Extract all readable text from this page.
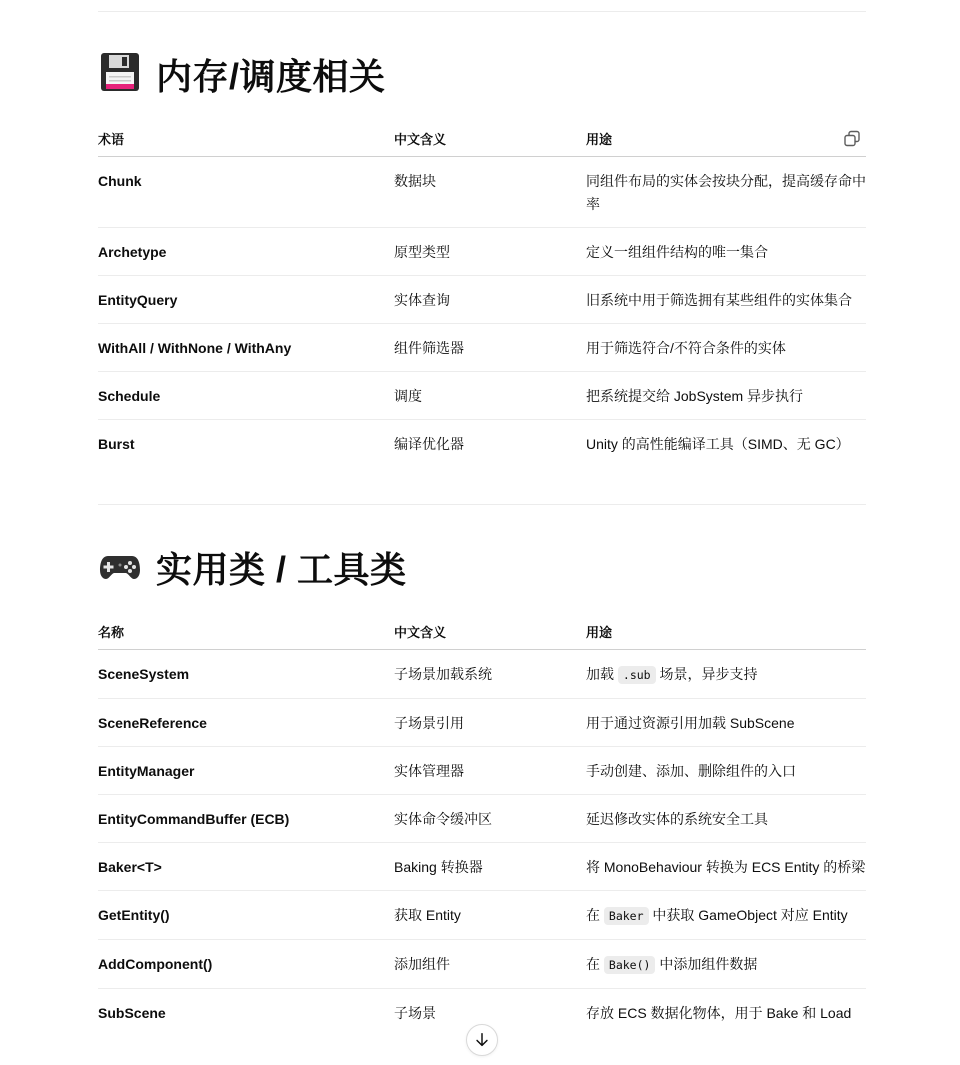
内存/调度相关
术语	中文含义	用途
Chunk	数据块	同组件布局的实体会按块分配，提高缓存命中率
Archetype	原型类型	定义一组组件结构的唯一集合
EntityQuery	实体查询	旧系统中用于筛选拥有某些组件的实体集合
WithAll / WithNone / WithAny	组件筛选器	用于筛选符合/不符合条件的实体
Schedule	调度	把系统提交给 JobSystem 异步执行
Burst	编译优化器	Unity 的高性能编译工具（SIMD、无 GC）
实用类 / 工具类
名称	中文含义	用途
SceneSystem	子场景加载系统	加载 .sub 场景，异步支持
SceneReference	子场景引用	用于通过资源引用加载 SubScene
EntityManager	实体管理器	手动创建、添加、删除组件的入口
EntityCommandBuffer (ECB)	实体命令缓冲区	延迟修改实体的系统安全工具
Baker<T>	Baking 转换器	将 MonoBehaviour 转换为 ECS Entity 的桥梁
GetEntity()	获取 Entity	在 Baker 中获取 GameObject 对应 Entity
AddComponent()	添加组件	在 Bake() 中添加组件数据
SubScene	子场景	存放 ECS 数据化物体，用于 Bake 和 Load
